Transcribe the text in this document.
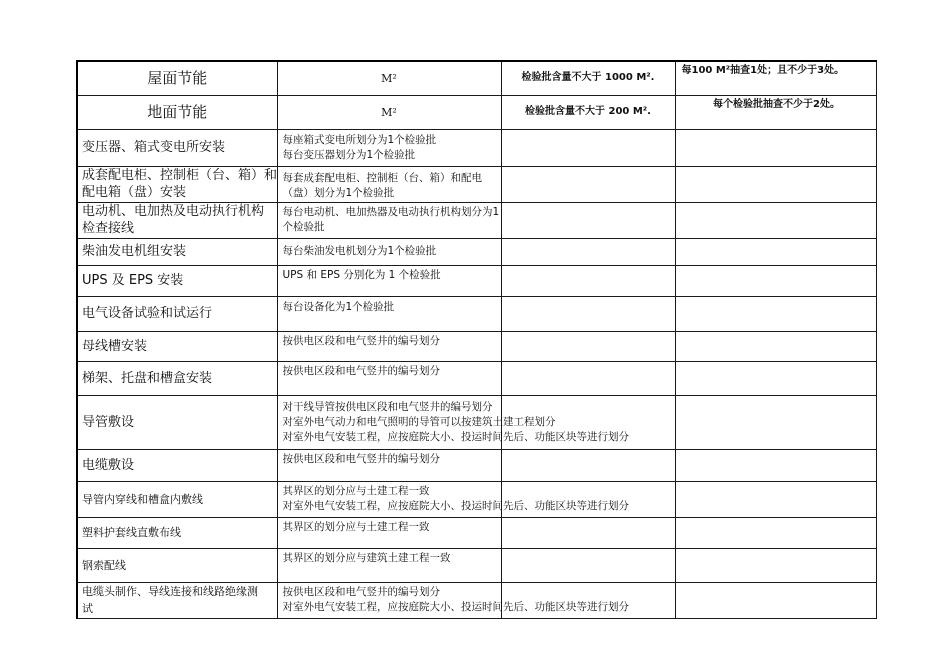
屋面节能	M²	检验批含量不大于 1000 M².	每100 M²抽查1处；且不少于3处。
地面节能	M²	检验批含量不大于 200 M².	每个检验批抽查不少于2处。
变压器、箱式变电所安装	每座箱式变电所划分为1个检验批
每台变压器划分为1个检验批		

成套配电柜、控制柜（台、箱）和
配电箱（盘）安装	每套成套配电柜、控制柜（台、箱）和配电（盘）划分为1个检验批		

电动机、电加热及电动执行机构
检查接线	每台电动机、电加热器及电动执行机构划分为1个检验批		
柴油发电机组安装	每台柴油发电机划分为1个检验批		
UPS 及 EPS 安装	UPS 和 EPS 分别化为 1 个检验批		
电气设备试验和试运行	每台设备化为1个检验批		
母线槽安装	按供电区段和电气竖井的编号划分		
梯架、托盘和槽盒安装	按供电区段和电气竖井的编号划分		
导管敷设	对干线导管按供电区段和电气竖井的编号划分
对室外电气动力和电气照明的导管可以按建筑土建工程划分
对室外电气安装工程，应按庭院大小、投运时间先后、功能区块等进行划分		

电缆敷设	按供电区段和电气竖井的编号划分		
导管内穿线和槽盒内敷线	其界区的划分应与土建工程一致
对室外电气安装工程，应按庭院大小、投运时间先后、功能区块等进行划分		

塑料护套线直敷布线	其界区的划分应与土建工程一致		
钢索配线	其界区的划分应与建筑土建工程一致		

电缆头制作、导线连接和线路绝缘测
试	按供电区段和电气竖井的编号划分
对室外电气安装工程，应按庭院大小、投运时间先后、功能区块等进行划分		
